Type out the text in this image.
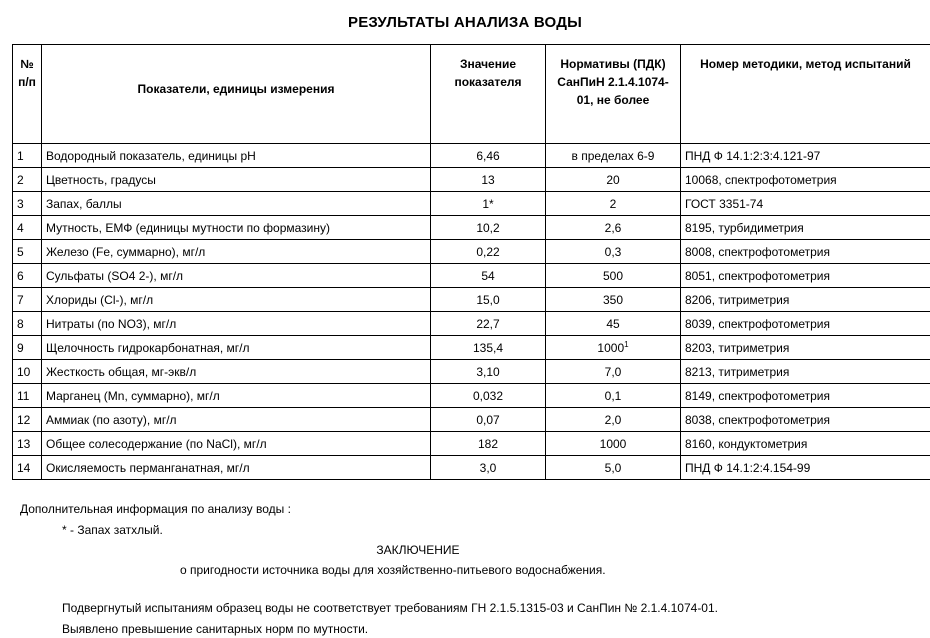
РЕЗУЛЬТАТЫ АНАЛИЗА ВОДЫ
№ п/п	Показатели, единицы измерения	Значение показателя	Нормативы (ПДК) СанПиН 2.1.4.1074-01, не более	Номер методики, метод испытаний
1	Водородный показатель, единицы рН	6,46	в пределах 6-9	ПНД Ф 14.1:2:3:4.121-97
2	Цветность, градусы	13	20	10068, спектрофотометрия
3	Запах, баллы	1*	2	ГОСТ 3351-74
4	Мутность, ЕМФ (единицы мутности по формазину)	10,2	2,6	8195, турбидиметрия
5	Железо (Fe, суммарно), мг/л	0,22	0,3	8008, спектрофотометрия
6	Сульфаты (SO4 2-), мг/л	54	500	8051, спектрофотометрия
7	Хлориды (Cl-), мг/л	15,0	350	8206, титриметрия
8	Нитраты (по NO3), мг/л	22,7	45	8039, спектрофотометрия
9	Щелочность гидрокарбонатная, мг/л	135,4	1000$^1$	8203, титриметрия
10	Жесткость общая, мг-экв/л	3,10	7,0	8213, титриметрия
11	Марганец (Mn, суммарно), мг/л	0,032	0,1	8149, спектрофотометрия
12	Аммиак (по азоту), мг/л	0,07	2,0	8038, спектрофотометрия
13	Общее солесодержание (по NaCl), мг/л	182	1000	8160, кондуктометрия
14	Окисляемость перманганатная, мг/л	3,0	5,0	ПНД Ф 14.1:2:4.154-99
Дополнительная информация по анализу воды :
* - Запах затхлый.
ЗАКЛЮЧЕНИЕ
о пригодности источника воды для хозяйственно-питьевого водоснабжения.
Подвергнутый испытаниям образец воды не соответствует требованиям ГН 2.1.5.1315-03 и СанПин № 2.1.4.1074-01.
Выявлено превышение санитарных норм по мутности.
